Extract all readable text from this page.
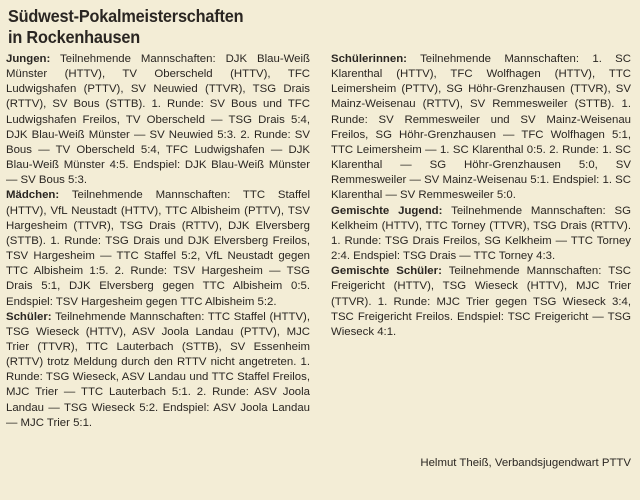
Südwest-Pokalmeisterschaften
in Rockenhausen

Jungen: Teilnehmende Mannschaften: DJK Blau-Weiß Münster (HTTV), TV Oberscheld (HTTV), TFC Ludwigshafen (PTTV), SV Neuwied (TTVR), TSG Drais (RTTV), SV Bous (STTB). 1. Runde: SV Bous und TFC Ludwigshafen Freilos, TV Oberscheld — TSG Drais 5:4, DJK Blau-Weiß Münster — SV Neuwied 5:3. 2. Runde: SV Bous — TV Oberscheld 5:4, TFC Ludwigshafen — DJK Blau-Weiß Münster 4:5. Endspiel: DJK Blau-Weiß Münster — SV Bous 5:3.

Mädchen: Teilnehmende Mannschaften: TTC Staffel (HTTV), VfL Neustadt (HTTV), TTC Albisheim (PTTV), TSV Hargesheim (TTVR), TSG Drais (RTTV), DJK Elversberg (STTB). 1. Runde: TSG Drais und DJK Elversberg Freilos, TSV Hargesheim — TTC Staffel 5:2, VfL Neustadt gegen TTC Albisheim 1:5. 2. Runde: TSV Hargesheim — TSG Drais 5:1, DJK Elversberg gegen TTC Albisheim 0:5. Endspiel: TSV Hargesheim gegen TTC Albisheim 5:2.

Schüler: Teilnehmende Mannschaften: TTC Staffel (HTTV), TSG Wieseck (HTTV), ASV Joola Landau (PTTV), MJC Trier (TTVR), TTC Lauterbach (STTB), SV Essenheim (RTTV) trotz Meldung durch den RTTV nicht angetreten. 1. Runde: TSG Wieseck, ASV Landau und TTC Staffel Freilos, MJC Trier — TTC Lauterbach 5:1. 2. Runde: ASV Joola Landau — TSG Wieseck 5:2. Endspiel: ASV Joola Landau — MJC Trier 5:1.

Schülerinnen: Teilnehmende Mannschaften: 1. SC Klarenthal (HTTV), TFC Wolfhagen (HTTV), TTC Leimersheim (PTTV), SG Höhr-Grenzhausen (TTVR), SV Mainz-Weisenau (RTTV), SV Remmesweiler (STTB). 1. Runde: SV Remmesweiler und SV Mainz-Weisenau Freilos, SG Höhr-Grenzhausen — TFC Wolfhagen 5:1, TTC Leimersheim — 1. SC Klarenthal 0:5. 2. Runde: 1. SC Klarenthal — SG Höhr-Grenzhausen 5:0, SV Remmesweiler — SV Mainz-Weisenau 5:1. Endspiel: 1. SC Klarenthal — SV Remmesweiler 5:0.

Gemischte Jugend: Teilnehmende Mannschaften: SG Kelkheim (HTTV), TTC Torney (TTVR), TSG Drais (RTTV). 1. Runde: TSG Drais Freilos, SG Kelkheim — TTC Torney 2:4. Endspiel: TSG Drais — TTC Torney 4:3.

Gemischte Schüler: Teilnehmende Mannschaften: TSC Freigericht (HTTV), TSG Wieseck (HTTV), MJC Trier (TTVR). 1. Runde: MJC Trier gegen TSG Wieseck 3:4, TSC Freigericht Freilos. Endspiel: TSC Freigericht — TSG Wieseck 4:1.

Helmut Theiß, Verbandsjugendwart PTTV
